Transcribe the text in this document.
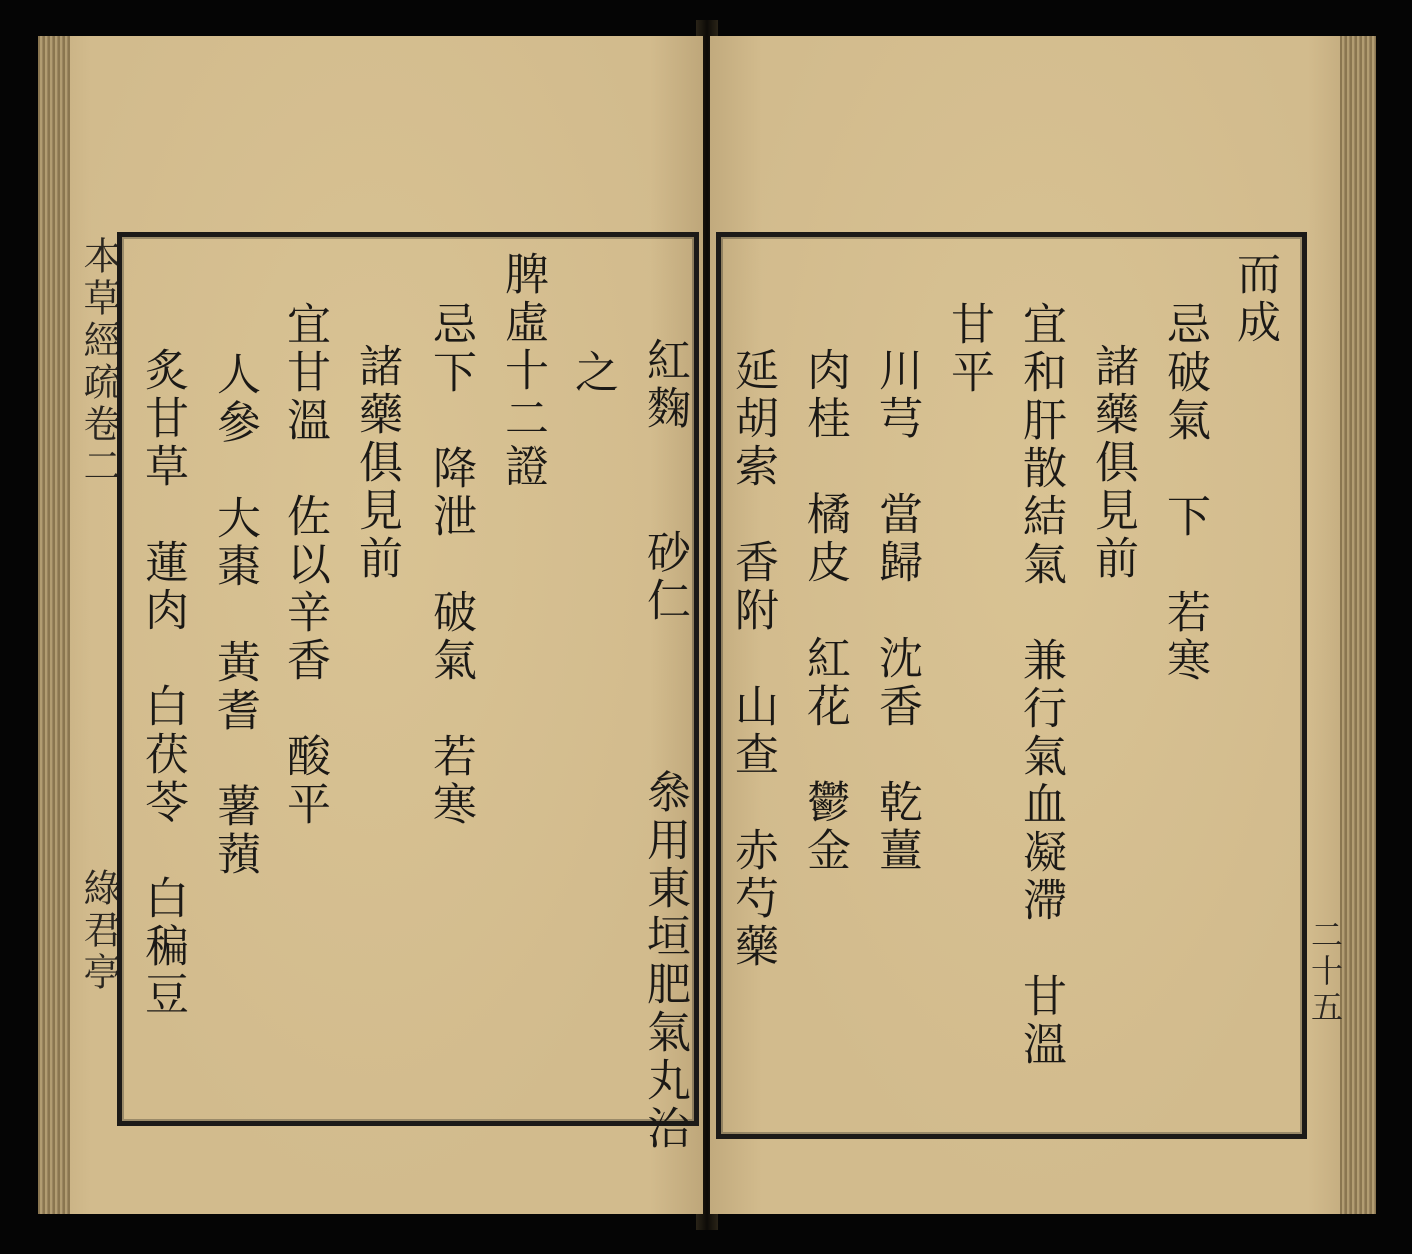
本草經疏卷二
綠君亭	二十五
紅麴　　砂仁　　　叅用東垣肥氣丸治
之
脾虛十二證
忌下　降泄　破氣　若寒
諸藥俱見前
宜甘溫　佐以辛香　酸平
人參　大棗　黃耆　薯蕷
炙甘草　蓮肉　白茯苓　白稨豆
而成
忌破氣　下　若寒
諸藥俱見前
宜和肝散結氣　兼行氣血凝滯　甘溫
甘平
川芎　當歸　沈香　乾薑
肉桂　橘皮　紅花　鬱金
延胡索　香附　山查　赤芍藥
